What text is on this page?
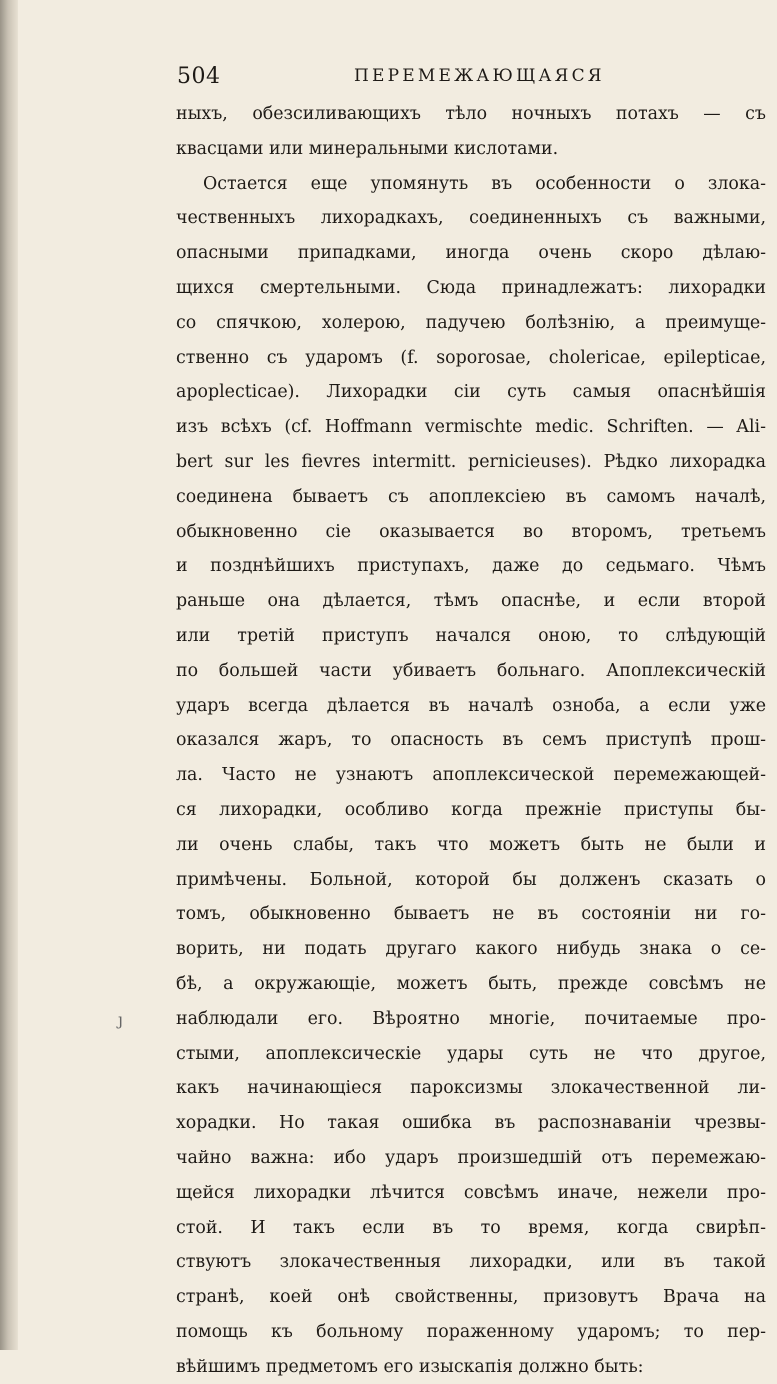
504	ПЕРЕМЕЖАЮЩАЯСЯ
ȷ
ныхъ, обезсиливающихъ тѣло ночныхъ потахъ — съ
квасцами или минеральными кислотами.
Остается еще упомянуть въ особенности о злока-
чественныхъ лихорадкахъ, соединенныхъ съ важными,
опасными припадками, иногда очень скоро дѣлаю-
щихся смертельными. Сюда принадлежатъ: лихорадки
со спячкою, холерою, падучею болѣзнію, а преимуще-
ственно съ ударомъ (f. soporosae, cholericae, epilepticae,
apoplecticae). Лихорадки сіи суть самыя опаснѣйшія
изъ всѣхъ (cf. Hoffmann vermischte medic. Schriften. — Ali-
bert sur les fievres intermitt. pernicieuses). Рѣдко лихорадка
соединена бываетъ съ апоплексіею въ самомъ началѣ,
обыкновенно сіе оказывается во второмъ, третьемъ
и позднѣйшихъ приступахъ, даже до седьмаго. Чѣмъ
раньше она дѣлается, тѣмъ опаснѣе, и если второй
или третій приступъ начался оною, то слѣдующій
по большей части убиваетъ больнаго. Апоплексическій
ударъ всегда дѣлается въ началѣ озноба, а если уже
оказался жаръ, то опасность въ семъ приступѣ прош-
ла. Часто не узнаютъ апоплексической перемежающей-
ся лихорадки, особливо когда прежніе приступы бы-
ли очень слабы, такъ что можетъ быть не были и
примѣчены. Больной, которой бы долженъ сказать о
томъ, обыкновенно бываетъ не въ состояніи ни го-
ворить, ни подать другаго какого нибудь знака о се-
бѣ, а окружающіе, можетъ быть, прежде совсѣмъ не
наблюдали его. Вѣроятно многіе, почитаемые про-
стыми, апоплексическіе удары суть не что другое,
какъ начинающіеся пароксизмы злокачественной ли-
хорадки. Но такая ошибка въ распознаваніи чрезвы-
чайно важна: ибо ударъ произшедшій отъ перемежаю-
щейся лихорадки лѣчится совсѣмъ иначе, нежели про-
стой. И такъ если въ то время, когда свирѣп-
ствуютъ злокачественныя лихорадки, или въ такой
странѣ, коей онѣ свойственны, призовутъ Врача на
помощь къ больному пораженному ударомъ; то пер-
вѣйшимъ предметомъ его изыскапія должно быть:
